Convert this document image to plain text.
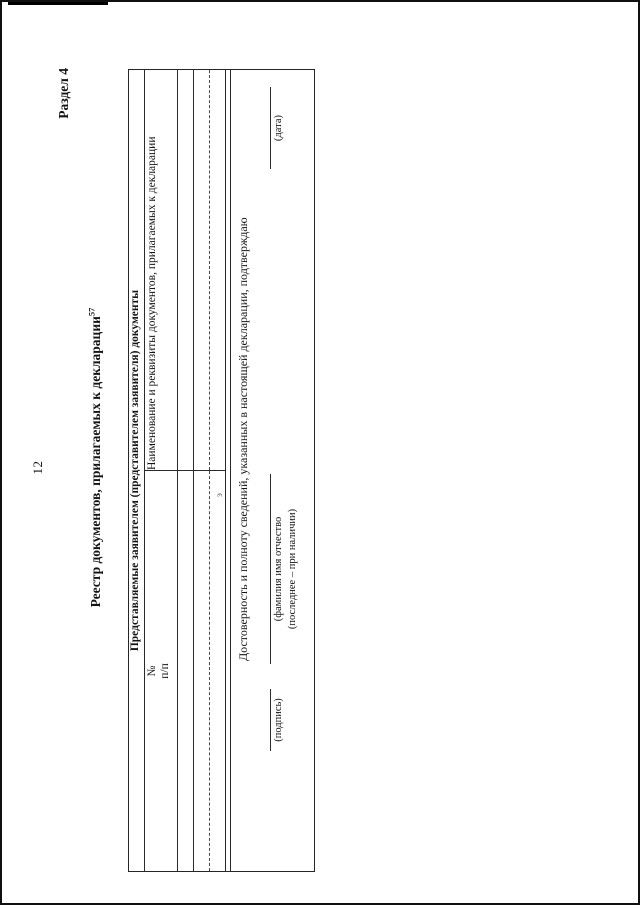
12
Раздел 4
Реестр документов, прилагаемых к декларации$^{57}$	Представляемые заявителем (представителем заявителя) документы	

№ п/п	Наименование и реквизиты документов, прилагаемых к декларации

э Достоверность и полноту сведений, указанных в настоящей декларации, подтверждаю
(подпись)
(фамилия имя отчество (последнее – при наличии)
(дата)
